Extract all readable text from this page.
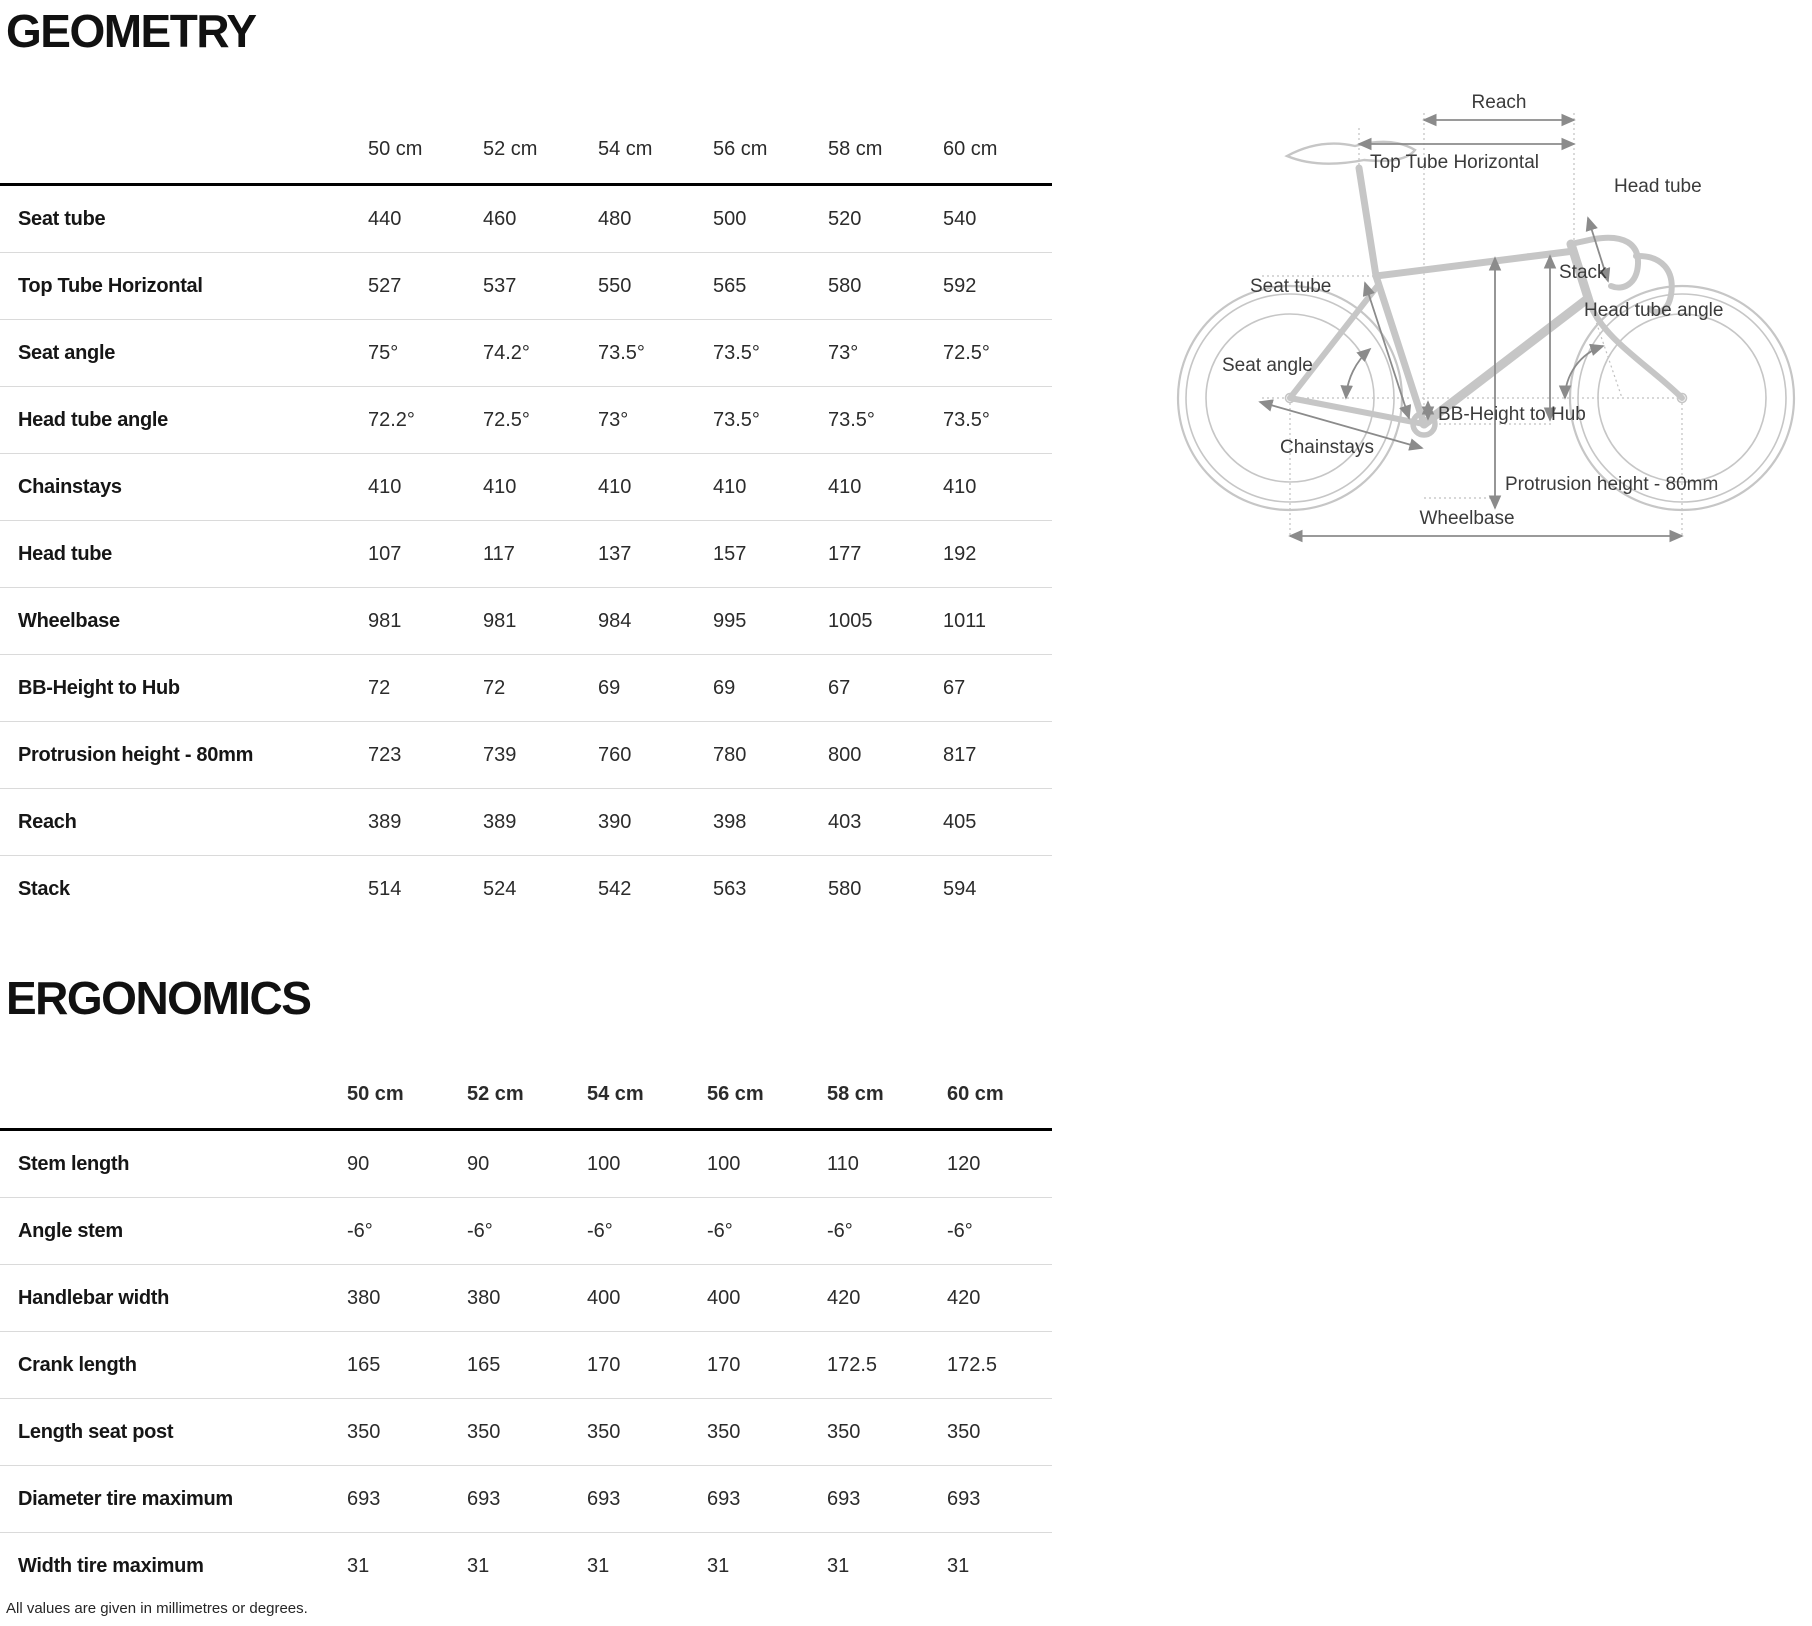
GEOMETRY
50 cm	52 cm	54 cm	56 cm	58 cm	60 cm
Seat tube	440	460	480	500	520	540
Top Tube Horizontal	527	537	550	565	580	592
Seat angle	75°	74.2°	73.5°	73.5°	73°	72.5°
Head tube angle	72.2°	72.5°	73°	73.5°	73.5°	73.5°
Chainstays	410	410	410	410	410	410
Head tube	107	117	137	157	177	192
Wheelbase	981	981	984	995	1005	1011
BB-Height to Hub	72	72	69	69	67	67
Protrusion height - 80mm	723	739	760	780	800	817
Reach	389	389	390	398	403	405
Stack	514	524	542	563	580	594
ERGONOMICS
50 cm	52 cm	54 cm	56 cm	58 cm	60 cm
Stem length	90	90	100	100	110	120
Angle stem	-6°	-6°	-6°	-6°	-6°	-6°
Handlebar width	380	380	400	400	420	420
Crank length	165	165	170	170	172.5	172.5
Length seat post	350	350	350	350	350	350
Diameter tire maximum	693	693	693	693	693	693
Width tire maximum	31	31	31	31	31	31
All values are given in millimetres or degrees.
Reach
Top Tube Horizontal
Head tube
Seat tube
Stack
Head tube angle
Seat angle
BB-Height to Hub
Chainstays
Protrusion height - 80mm
Wheelbase
